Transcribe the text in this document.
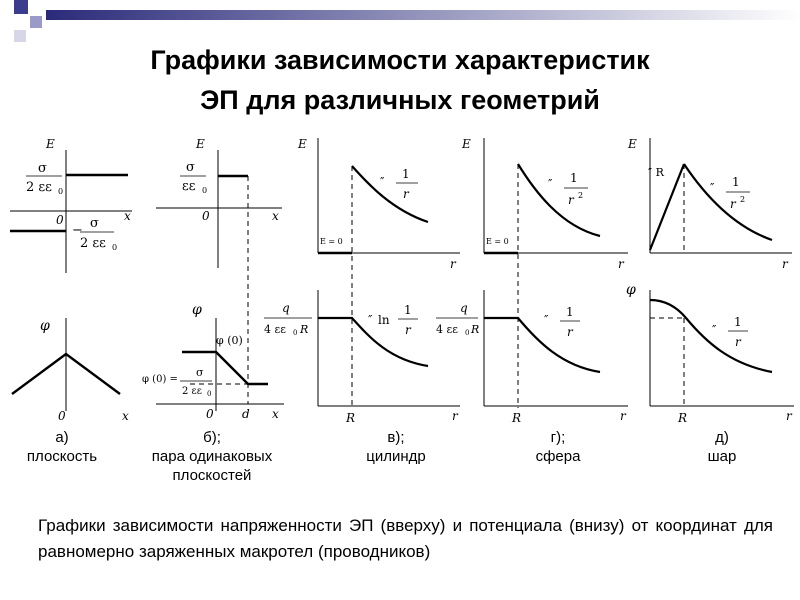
Графики зависимости характеристик
ЭП для различных геометрий
E
x
0
σ
2 εε 0
− σ
2 εε 0
φ
0	x
E
x
0
σ
εε 0
φ
φ (0)
φ (0) =
σ
2 εε 0
0 d x
E
E = 0
r
″
1
r
q
4 εε 0 R
″ ln
1
r
R	r
E
E = 0
r
″ 1
r 2
q
4 εε 0 R
″
1
r
R	r
E
″ R
r
″ 1
r 2
φ
″
1
r
R	r
а)
плоскость
б);
пара одинаковых
плоскостей
в);
цилиндр
г);
сфера
д)
шар

Графики зависимости напряженности ЭП (вверху) и потенциала (внизу) от координат для равномерно заряженных макротел (проводников)
